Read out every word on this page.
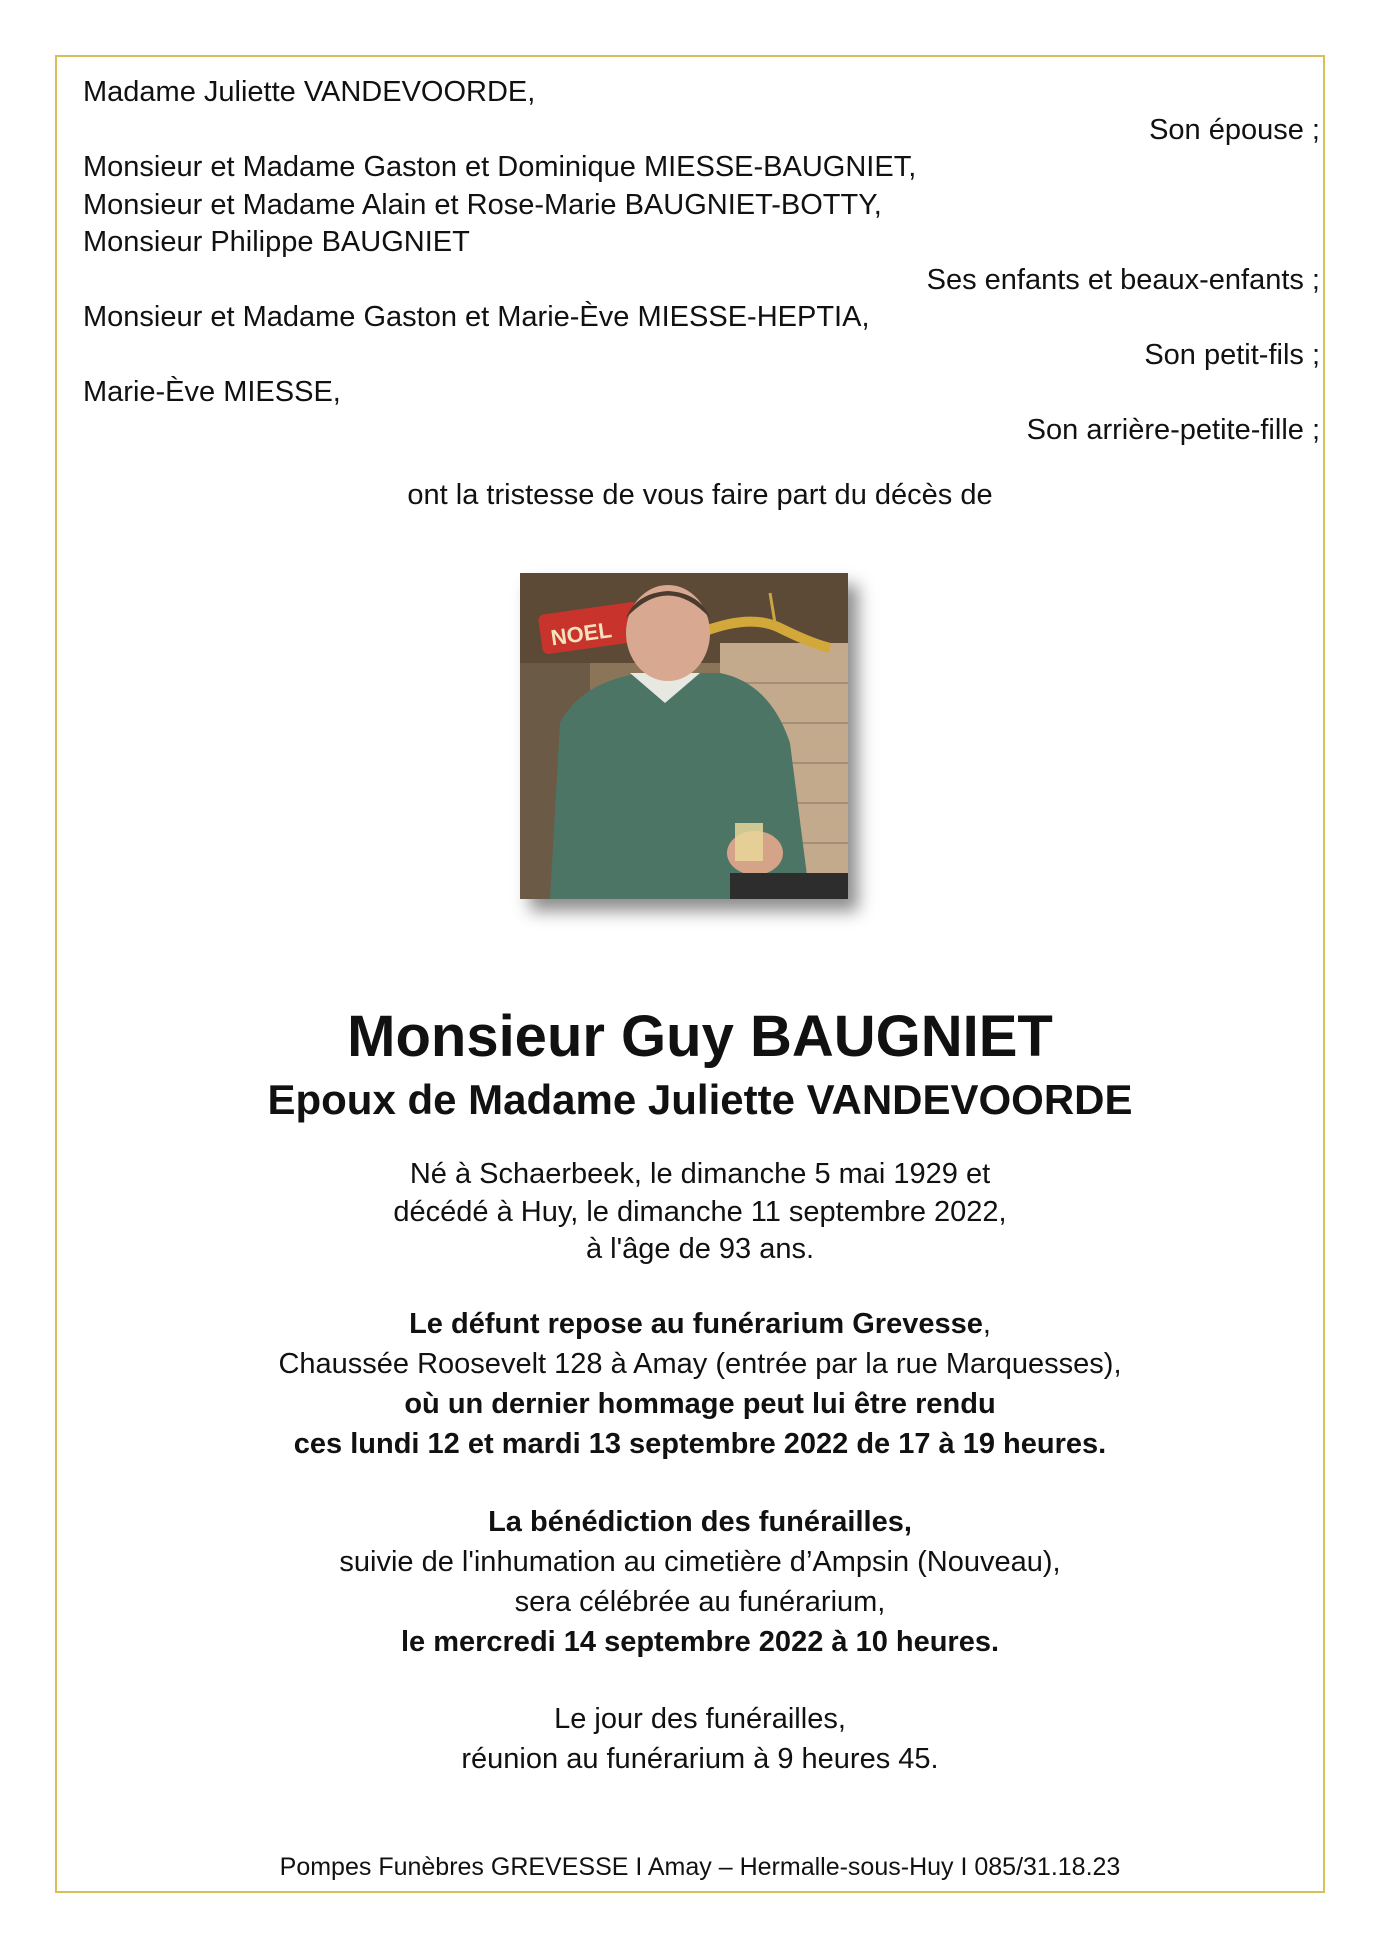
Madame Juliette VANDEVOORDE,
Son épouse ;
Monsieur et Madame Gaston et Dominique MIESSE-BAUGNIET,
Monsieur et Madame Alain et Rose-Marie BAUGNIET-BOTTY,
Monsieur Philippe BAUGNIET
Ses enfants et beaux-enfants ;
Monsieur et Madame Gaston et Marie-Ève MIESSE-HEPTIA,
Son petit-fils ;
Marie-Ève MIESSE,
Son arrière-petite-fille ;
ont la tristesse de vous faire part du décès de
NOEL
Monsieur Guy BAUGNIET
Epoux de Madame Juliette VANDEVOORDE
Né à Schaerbeek, le dimanche 5 mai 1929 et
décédé à Huy, le dimanche 11 septembre 2022,
à l'âge de 93 ans.
Le défunt repose au funérarium Grevesse,
Chaussée Roosevelt 128 à Amay (entrée par la rue Marquesses),
où un dernier hommage peut lui être rendu
ces lundi 12 et mardi 13 septembre 2022 de 17 à 19 heures.
La bénédiction des funérailles,
suivie de l'inhumation au cimetière d’Ampsin (Nouveau),
sera célébrée au funérarium,
le mercredi 14 septembre 2022 à 10 heures.
Le jour des funérailles,
réunion au funérarium à 9 heures 45.
Pompes Funèbres GREVESSE I Amay – Hermalle-sous-Huy I 085/31.18.23
